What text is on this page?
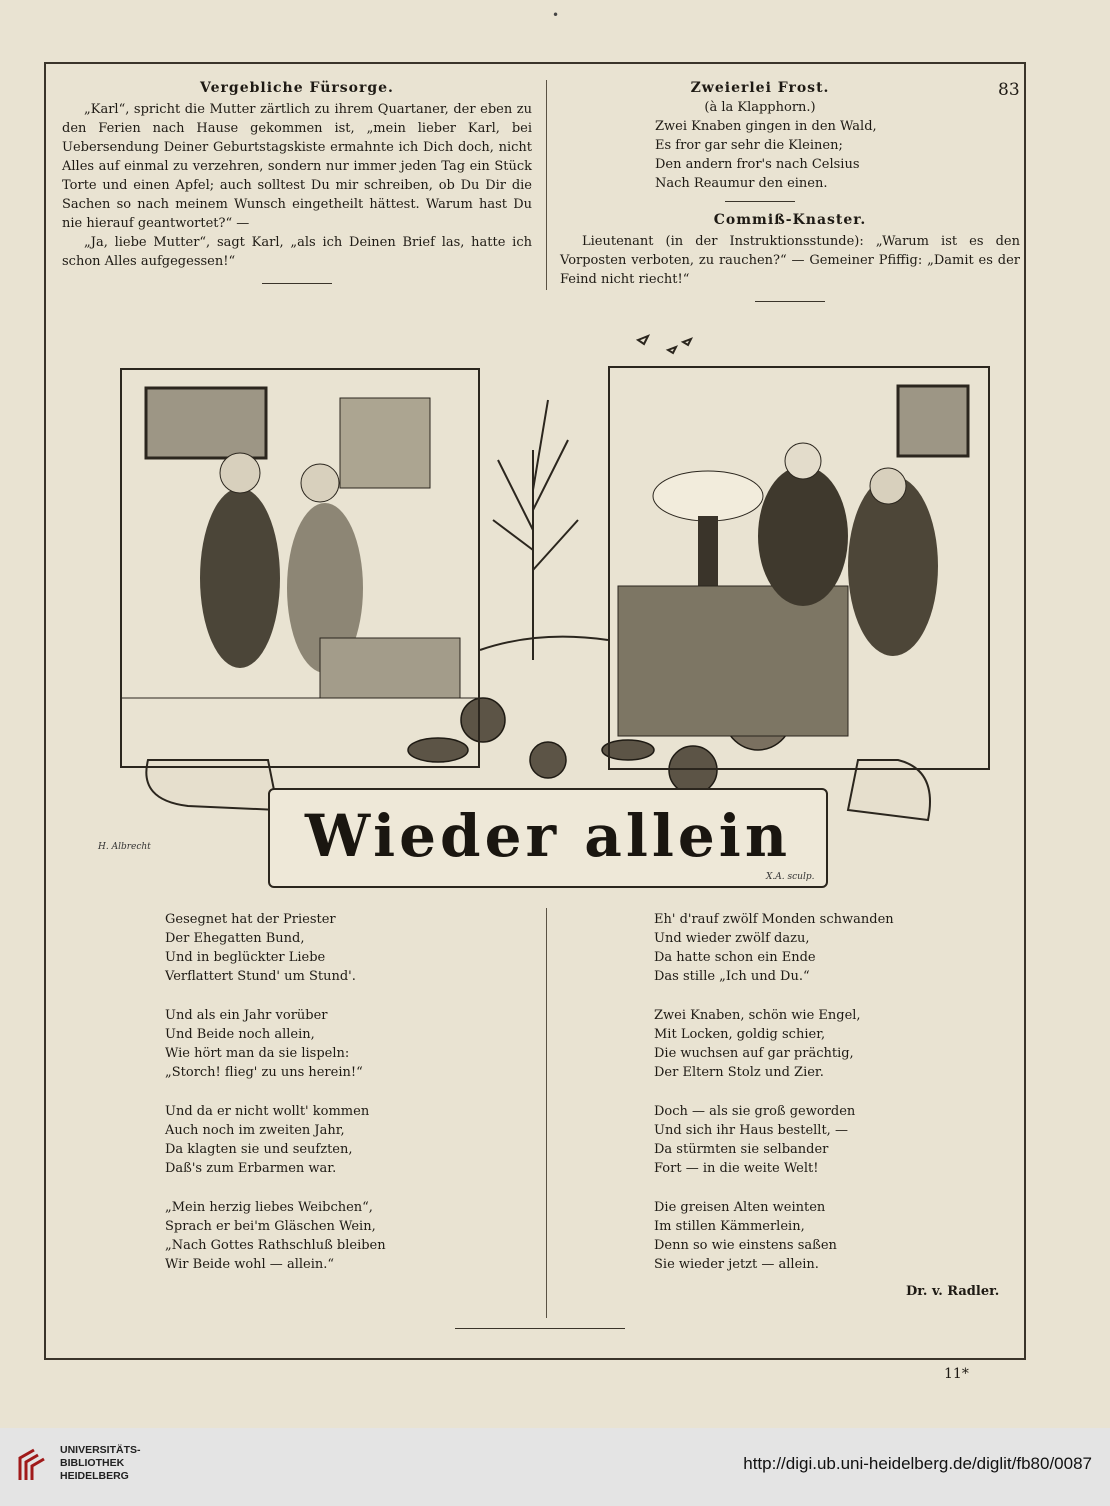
•

Vergebliche Fürsorge.

„Karl“, spricht die Mutter zärtlich zu ihrem Quartaner, der eben zu den Ferien nach Hause gekommen ist, „mein lieber Karl, bei Uebersendung Deiner Geburtstagskiste ermahnte ich Dich doch, nicht Alles auf einmal zu verzehren, sondern nur immer jeden Tag ein Stück Torte und einen Apfel; auch solltest Du mir schreiben, ob Du Dir die Sachen so nach meinem Wunsch eingetheilt hättest. Warum hast Du nie hierauf geantwortet?“ —

„Ja, liebe Mutter“, sagt Karl, „als ich Deinen Brief las, hatte ich schon Alles aufgegessen!“

Zweierlei Frost.

(à la Klapphorn.)

Zwei Knaben gingen in den Wald,

Es fror gar sehr die Kleinen;

Den andern fror's nach Celsius

Nach Reaumur den einen.

83

Commiß-Knaster.

Lieutenant (in der Instruktionsstunde): „Warum ist es den Vorposten verboten, zu rauchen?“ — Gemeiner Pfiffig: „Damit es der Feind nicht riecht!“

Wieder allein
H. Albrecht
X.A. sculp.

Gesegnet hat der Priester

Der Ehegatten Bund,

Und in beglückter Liebe

Verflattert Stund' um Stund'.

Und als ein Jahr vorüber

Und Beide noch allein,

Wie hört man da sie lispeln:

„Storch! flieg' zu uns herein!“

Und da er nicht wollt' kommen

Auch noch im zweiten Jahr,

Da klagten sie und seufzten,

Daß's zum Erbarmen war.

„Mein herzig liebes Weibchen“,

Sprach er bei'm Gläschen Wein,

„Nach Gottes Rathschluß bleiben

Wir Beide wohl — allein.“

Eh' d'rauf zwölf Monden schwanden

Und wieder zwölf dazu,

Da hatte schon ein Ende

Das stille „Ich und Du.“

Zwei Knaben, schön wie Engel,

Mit Locken, goldig schier,

Die wuchsen auf gar prächtig,

Der Eltern Stolz und Zier.

Doch — als sie groß geworden

Und sich ihr Haus bestellt, —

Da stürmten sie selbander

Fort — in die weite Welt!

Die greisen Alten weinten

Im stillen Kämmerlein,

Denn so wie einstens saßen

Sie wieder jetzt — allein.

Dr. v. Radler.
11*
UNIVERSITÄTS-
BIBLIOTHEK
HEIDELBERG
http://digi.ub.uni-heidelberg.de/diglit/fb80/0087
